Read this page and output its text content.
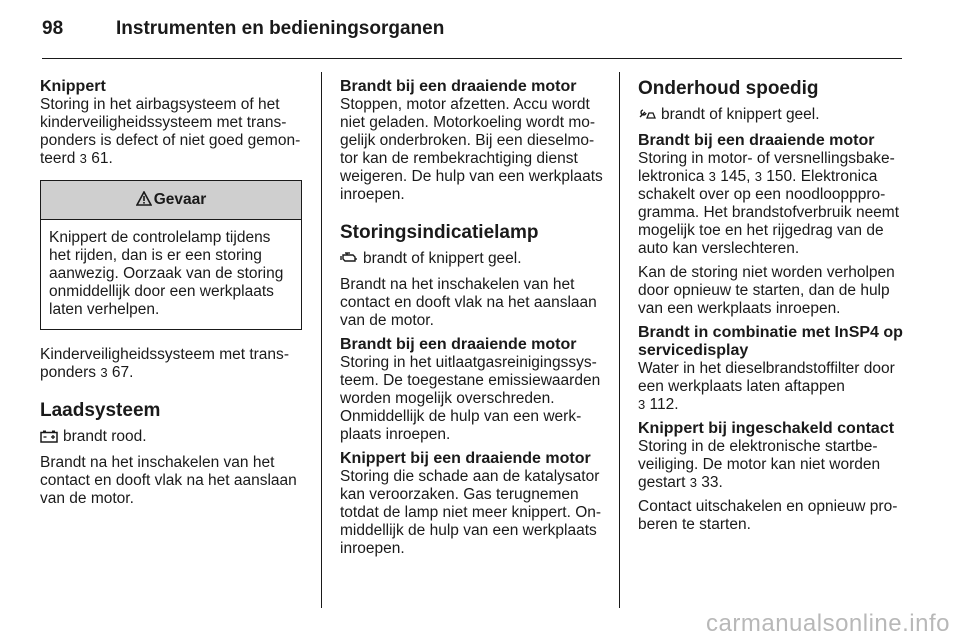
98	Instrumenten en bedieningsorganen
Knippert

Storing in het airbagsysteem of het kinderveiligheidssysteem met transponders is defect of niet goed gemonteerd 3 61.

Gevaar
Knippert de controlelamp tijdens het rijden, dan is er een storing aanwezig. Oorzaak van de storing onmiddellijk door een werkplaats laten verhelpen.

Kinderveiligheidssysteem met transponders 3 67.

Laadsysteem

brandt rood.

Brandt na het inschakelen van het contact en dooft vlak na het aanslaan van de motor.

Brandt bij een draaiende motor

Stoppen, motor afzetten. Accu wordt niet geladen. Motorkoeling wordt mogelijk onderbroken. Bij een dieselmotor kan de rembekrachtiging dienst weigeren. De hulp van een werkplaats inroepen.

Storingsindicatielamp

brandt of knippert geel.

Brandt na het inschakelen van het contact en dooft vlak na het aanslaan van de motor.

Brandt bij een draaiende motor

Storing in het uitlaatgasreinigingssysteem. De toegestane emissiewaarden worden mogelijk overschreden. Onmiddellijk de hulp van een werkplaats inroepen.

Knippert bij een draaiende motor

Storing die schade aan de katalysator kan veroorzaken. Gas terugnemen totdat de lamp niet meer knippert. Onmiddellijk de hulp van een werkplaats inroepen.

Onderhoud spoedig

brandt of knippert geel.

Brandt bij een draaiende motor

Storing in motor- of versnellingsbakelektronica 3 145, 3 150. Elektronica schakelt over op een noodlooppprogramma. Het brandstofverbruik neemt mogelijk toe en het rijgedrag van de auto kan verslechteren.

Kan de storing niet worden verholpen door opnieuw te starten, dan de hulp van een werkplaats inroepen.

Brandt in combinatie met InSP4 op servicedisplay

Water in het dieselbrandstoffilter door een werkplaats laten aftappen
3 112.

Knippert bij ingeschakeld contact

Storing in de elektronische startbeveiliging. De motor kan niet worden gestart 3 33.

Contact uitschakelen en opnieuw proberen te starten.

carmanualsonline.info
